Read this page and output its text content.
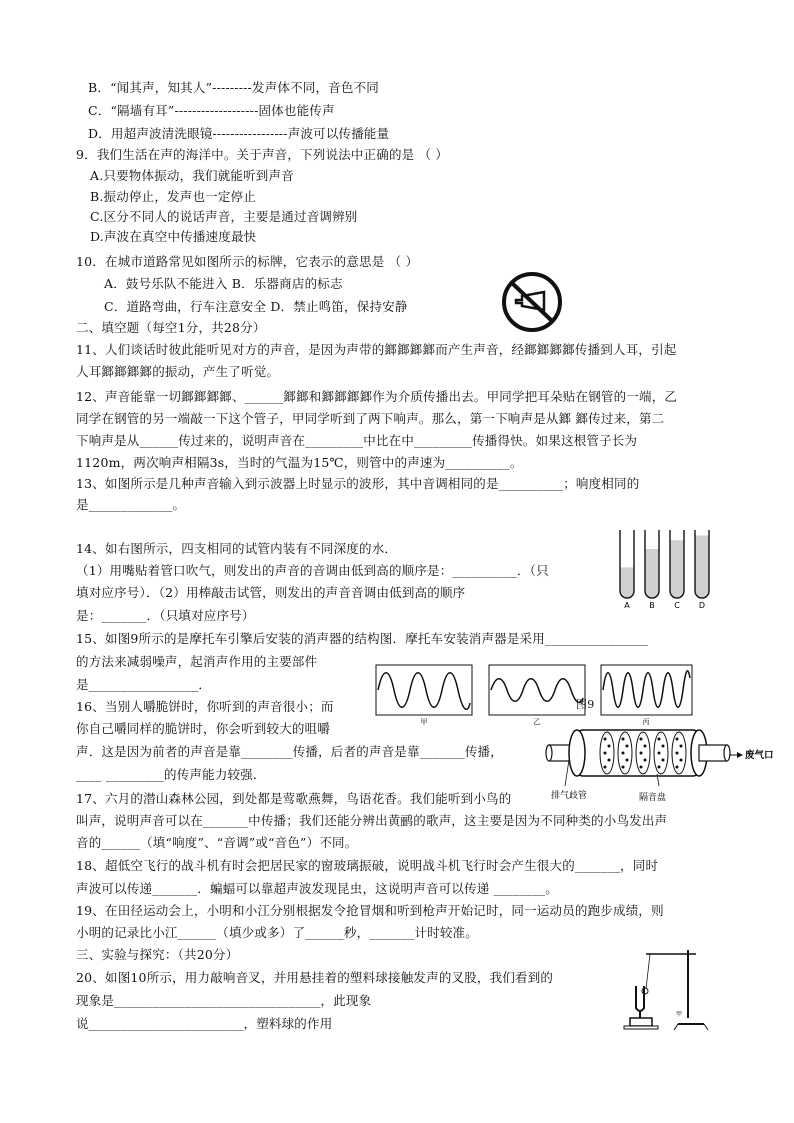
B．“闻其声，知其人”---------发声体不同，音色不同
C．“隔墙有耳”-------------------固体也能传声
D．用超声波清洗眼镜-----------------声波可以传播能量
9．我们生活在声的海洋中。关于声音，下列说法中正确的是 （ ）
A.只要物体振动，我们就能听到声音
B.振动停止，发声也一定停止
C.区分不同人的说话声音，主要是通过音调辨别
D.声波在真空中传播速度最快
10．在城市道路常见如图所示的标牌，它表示的意思是 （ ）
A．鼓号乐队不能进入 B．乐器商店的标志
C．道路弯曲，行车注意安全 D．禁止鸣笛，保持安静
二、填空题（每空1分，共28分）
11、人们谈话时彼此能听见对方的声音，是因为声带的鎯鎯鎯鎯而产生声音，经鎯鎯鎯鎯传播到人耳，引起
人耳鎯鎯鎯鎯的振动，产生了听觉。
12、声音能靠一切鎯鎯鎯鎯、______鎯鎯和鎯鎯鎯鎯作为介质传播出去。甲同学把耳朵贴在钢管的一端，乙
同学在钢管的另一端敲一下这个管子，甲同学听到了两下响声。那么，第一下响声是从鎯 鎯传过来，第二
下响声是从______传过来的，说明声音在_________中比在中_________传播得快。如果这根管子长为
1120m，两次响声相隔3s，当时的气温为15℃，则管中的声速为__________。
13、如图所示是几种声音输入到示波器上时显示的波形，其中音调相同的是__________；响度相同的
是_____________。
14、如右图所示，四支相同的试管内装有不同深度的水．
（1）用嘴贴着管口吹气，则发出的声音的音调由低到高的顺序是：__________．（只
填对应序号）．（2）用棒敲击试管，则发出的声音音调由低到高的顺序
是：_______．（只填对应序号）
15、如图9所示的是摩托车引擎后安装的消声器的结构图．摩托车安装消声器是采用________________
的方法来减弱噪声，起消声作用的主要部件
是_________________．
16、当别人嚼脆饼时，你听到的声音很小；而
你自己嚼同样的脆饼时，你会听到较大的咀嚼
声．这是因为前者的声音是靠________传播，后者的声音是靠_______传播，
____ _________的传声能力较强．
17、六月的潜山森林公园，到处都是莺歌燕舞，鸟语花香。我们能听到小鸟的
叫声，说明声音可以在_______中传播；我们还能分辨出黄鹂的歌声，这主要是因为不同种类的小鸟发出声
音的______（填“响度”、“音调”或“音色”）不同。
18、超低空飞行的战斗机有时会把居民家的窗玻璃振破，说明战斗机飞行时会产生很大的_______，同时
声波可以传递_______．蝙蝠可以靠超声波发现昆虫，这说明声音可以传递 ________。
19、在田径运动会上，小明和小江分别根据发令抢冒烟和听到枪声开始记时，同一运动员的跑步成绩，则
小明的记录比小江______（填少或多）了______秒，_______计时较准。
三、实验与探究：（共20分）
20、如图10所示，用力敲响音叉，并用悬挂着的塑料球接触发声的叉股，我们看到的
现象是________________________________，此现象
说________________________，塑料球的作用
A B C D
甲	乙	丙
图9
废气口
排气歧管	隔音盘
甲
